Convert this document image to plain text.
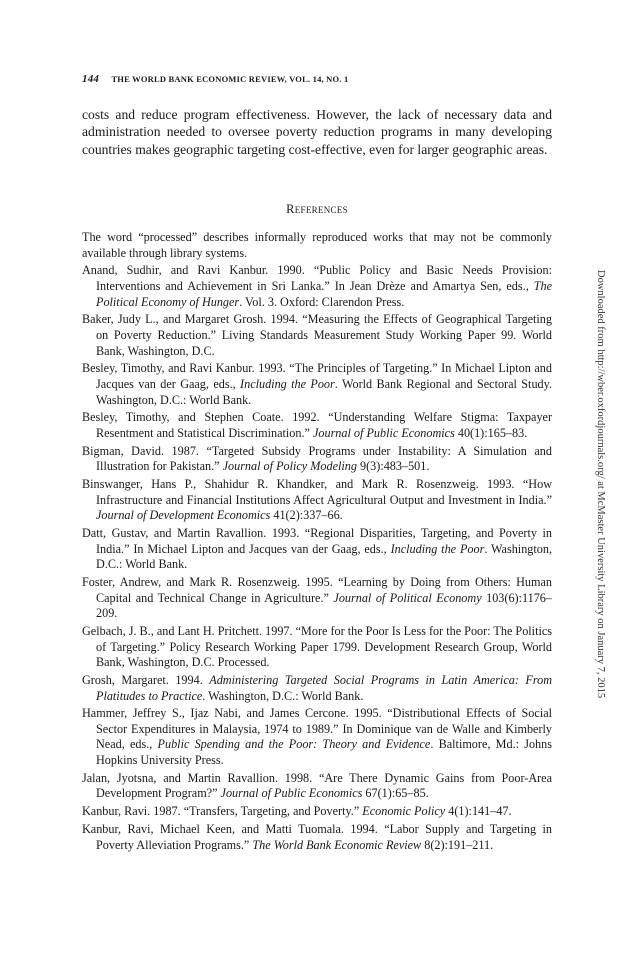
144 THE WORLD BANK ECONOMIC REVIEW, VOL. 14, NO. 1

costs and reduce program effectiveness. However, the lack of necessary data and administration needed to oversee poverty reduction programs in many developing countries makes geographic targeting cost-effective, even for larger geographic areas.

References

The word “processed” describes informally reproduced works that may not be commonly available through library systems.

Anand, Sudhir, and Ravi Kanbur. 1990. “Public Policy and Basic Needs Provision: Interventions and Achievement in Sri Lanka.” In Jean Drèze and Amartya Sen, eds., The Political Economy of Hunger. Vol. 3. Oxford: Clarendon Press.

Baker, Judy L., and Margaret Grosh. 1994. “Measuring the Effects of Geographical Targeting on Poverty Reduction.” Living Standards Measurement Study Working Paper 99. World Bank, Washington, D.C.

Besley, Timothy, and Ravi Kanbur. 1993. “The Principles of Targeting.” In Michael Lipton and Jacques van der Gaag, eds., Including the Poor. World Bank Regional and Sectoral Study. Washington, D.C.: World Bank.

Besley, Timothy, and Stephen Coate. 1992. “Understanding Welfare Stigma: Taxpayer Resentment and Statistical Discrimination.” Journal of Public Economics 40(1):165–83.

Bigman, David. 1987. “Targeted Subsidy Programs under Instability: A Simulation and Illustration for Pakistan.” Journal of Policy Modeling 9(3):483–501.

Binswanger, Hans P., Shahidur R. Khandker, and Mark R. Rosenzweig. 1993. “How Infrastructure and Financial Institutions Affect Agricultural Output and Investment in India.” Journal of Development Economics 41(2):337–66.

Datt, Gustav, and Martin Ravallion. 1993. “Regional Disparities, Targeting, and Poverty in India.” In Michael Lipton and Jacques van der Gaag, eds., Including the Poor. Washington, D.C.: World Bank.

Foster, Andrew, and Mark R. Rosenzweig. 1995. “Learning by Doing from Others: Human Capital and Technical Change in Agriculture.” Journal of Political Economy 103(6):1176–209.

Gelbach, J. B., and Lant H. Pritchett. 1997. “More for the Poor Is Less for the Poor: The Politics of Targeting.” Policy Research Working Paper 1799. Development Research Group, World Bank, Washington, D.C. Processed.

Grosh, Margaret. 1994. Administering Targeted Social Programs in Latin America: From Platitudes to Practice. Washington, D.C.: World Bank.

Hammer, Jeffrey S., Ijaz Nabi, and James Cercone. 1995. “Distributional Effects of Social Sector Expenditures in Malaysia, 1974 to 1989.” In Dominique van de Walle and Kimberly Nead, eds., Public Spending and the Poor: Theory and Evidence. Baltimore, Md.: Johns Hopkins University Press.

Jalan, Jyotsna, and Martin Ravallion. 1998. “Are There Dynamic Gains from Poor-Area Development Program?” Journal of Public Economics 67(1):65–85.

Kanbur, Ravi. 1987. “Transfers, Targeting, and Poverty.” Economic Policy 4(1):141–47.

Kanbur, Ravi, Michael Keen, and Matti Tuomala. 1994. “Labor Supply and Targeting in Poverty Alleviation Programs.” The World Bank Economic Review 8(2):191–211.

Downloaded from http://wber.oxfordjournals.org/ at McMaster University Library on January 7, 2015
